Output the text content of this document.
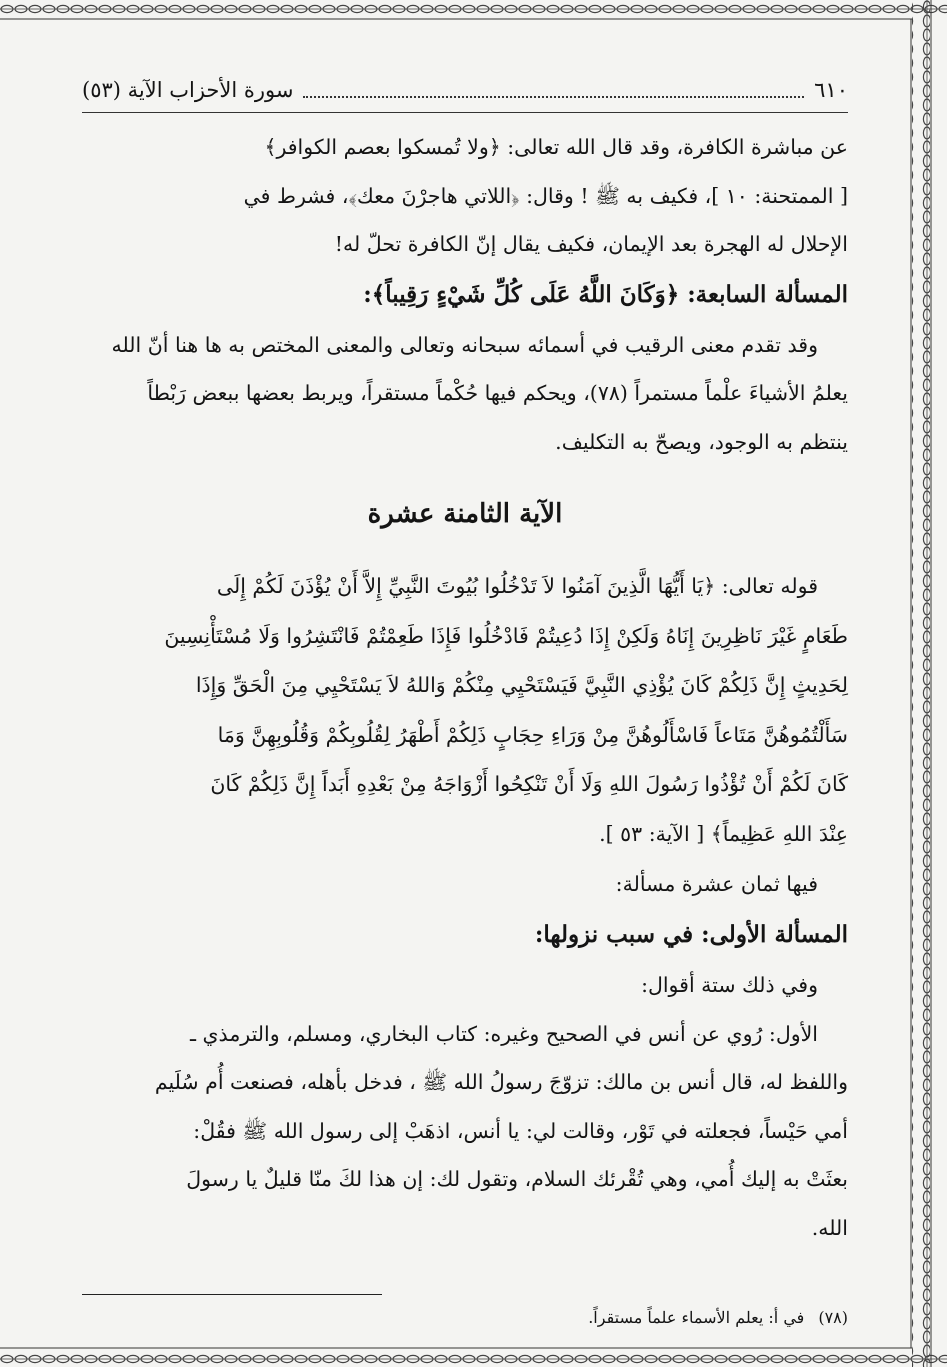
٦١٠
سورة الأحزاب الآية (٥٣)

عن مباشرة الكافرة، وقد قال الله تعالى: ﴿ولا تُمسكوا بعصم الكوافر﴾

[ الممتحنة: ١٠ ]، فكيف به ﷺ ! وقال: ﴿اللاتي هاجرْنَ معك﴾، فشرط في

الإحلال له الهجرة بعد الإيمان، فكيف يقال إنّ الكافرة تحلّ له!

المسألة السابعة: ﴿وَكَانَ اللَّهُ عَلَى كُلِّ شَيْءٍ رَقِيباً﴾:

وقد تقدم معنى الرقيب في أسمائه سبحانه وتعالى والمعنى المختص به ها هنا أنّ الله

يعلمُ الأشياءَ علْماً مستمراً (٧٨)، ويحكم فيها حُكْماً مستقراً، ويربط بعضها ببعض رَبْطاً

ينتظم به الوجود، ويصحّ به التكليف.

الآية الثامنة عشرة

قوله تعالى: ﴿يَا أَيُّهَا الَّذِينَ آمَنُوا لاَ تَدْخُلُوا بُيُوتَ النَّبِيِّ إِلاَّ أَنْ يُؤْذَنَ لَكُمْ إِلَى

طَعَامٍ غَيْرَ نَاظِرِينَ إِنَاهُ وَلَكِنْ إِذَا دُعِيتُمْ فَادْخُلُوا فَإِذَا طَعِمْتُمْ فَانْتَشِرُوا وَلَا مُسْتَأْنِسِينَ

لِحَدِيثٍ إِنَّ ذَلِكُمْ كَانَ يُؤْذِي النَّبِيَّ فَيَسْتَحْيِي مِنْكُمْ وَاللهُ لاَ يَسْتَحْيِي مِنَ الْحَقِّ وَإِذَا

سَأَلْتُمُوهُنَّ مَتَاعاً فَاسْأَلُوهُنَّ مِنْ وَرَاءِ حِجَابٍ ذَلِكُمْ أَطْهَرُ لِقُلُوبِكُمْ وَقُلُوبِهِنَّ وَمَا

كَانَ لَكُمْ أَنْ تُؤْذُوا رَسُولَ اللهِ وَلَا أَنْ تَنْكِحُوا أَزْوَاجَهُ مِنْ بَعْدِهِ أَبَداً إِنَّ ذَلِكُمْ كَانَ

عِنْدَ اللهِ عَظِيماً﴾ [ الآية: ٥٣ ].

فيها ثمان عشرة مسألة:

المسألة الأولى: في سبب نزولها:

وفي ذلك ستة أقوال:

الأول: رُوي عن أنس في الصحيح وغيره: كتاب البخاري، ومسلم، والترمذي ـ

واللفظ له، قال أنس بن مالك: تزوّجَ رسولُ الله ﷺ ، فدخل بأهله، فصنعت أُم سُلَيم

أمي حَيْساً، فجعلته في تَوْر، وقالت لي: يا أنس، اذهَبْ إلى رسول الله ﷺ فقُلْ:

بعثَتْ به إليك أُمي، وهي تُقْرئك السلام، وتقول لك: إن هذا لكَ منّا قليلٌ يا رسولَ

الله.

(٧٨)
في أ: يعلم الأسماء علماً مستقراً.
